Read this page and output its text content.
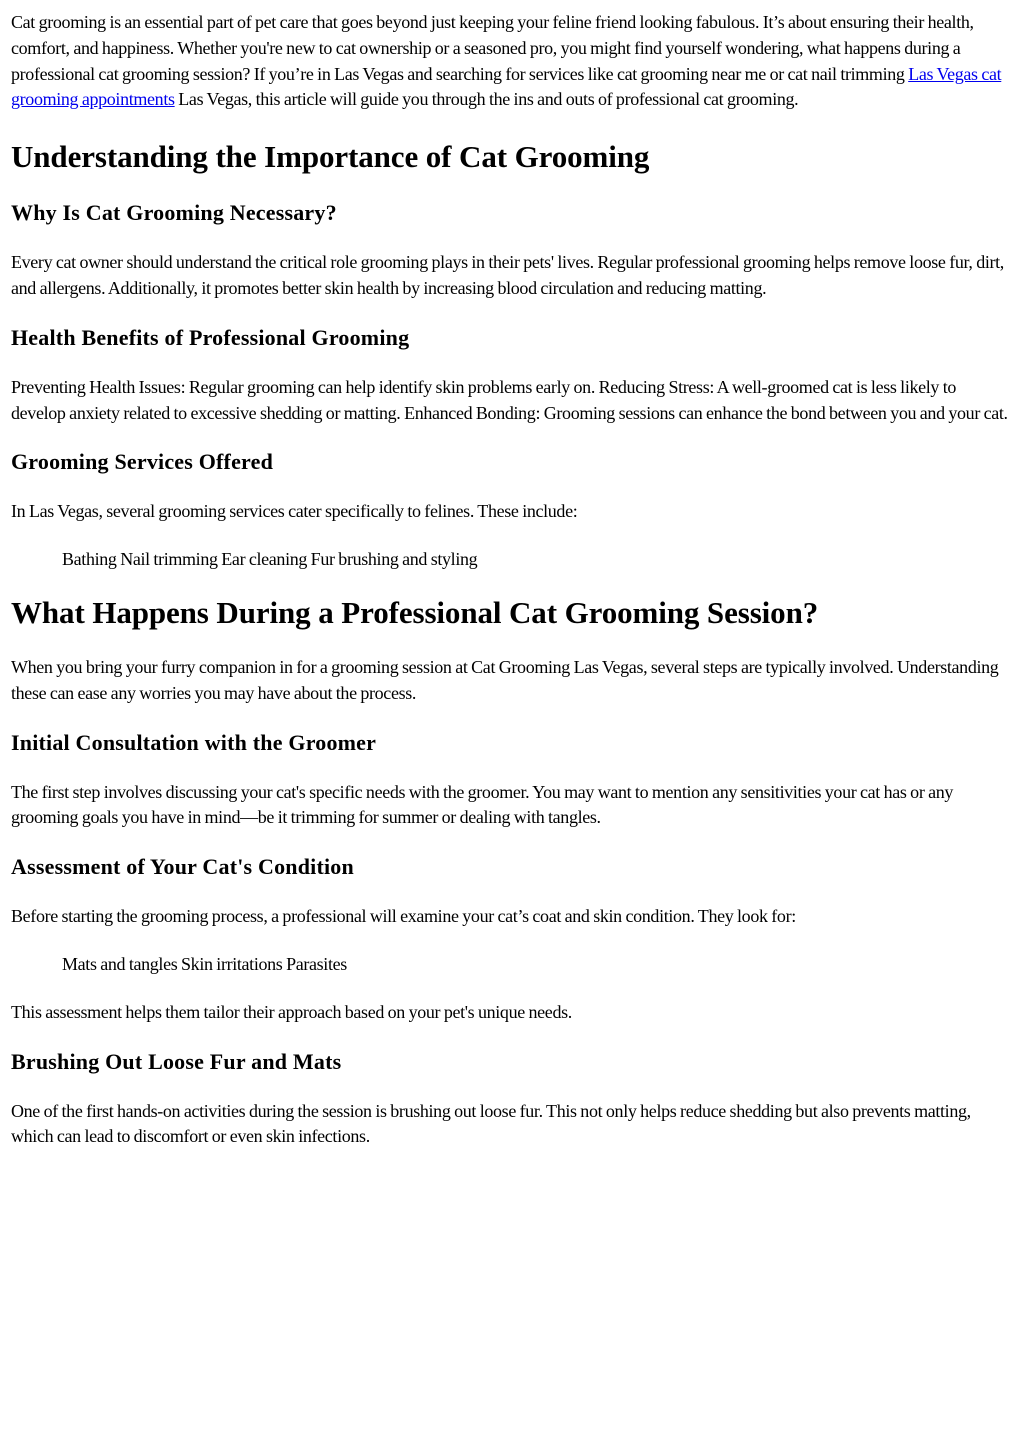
Cat grooming is an essential part of pet care that goes beyond just keeping your feline friend looking fabulous. It’s about ensuring their health, comfort, and happiness. Whether you're new to cat ownership or a seasoned pro, you might find yourself wondering, what happens during a professional cat grooming session? If you’re in Las Vegas and searching for services like cat grooming near me or cat nail trimming Las Vegas cat grooming appointments Las Vegas, this article will guide you through the ins and outs of professional cat grooming.

Understanding the Importance of Cat Grooming
Why Is Cat Grooming Necessary?

Every cat owner should understand the critical role grooming plays in their pets' lives. Regular professional grooming helps remove loose fur, dirt, and allergens. Additionally, it promotes better skin health by increasing blood circulation and reducing matting.

Health Benefits of Professional Grooming

Preventing Health Issues: Regular grooming can help identify skin problems early on. Reducing Stress: A well-groomed cat is less likely to develop anxiety related to excessive shedding or matting. Enhanced Bonding: Grooming sessions can enhance the bond between you and your cat.

Grooming Services Offered

In Las Vegas, several grooming services cater specifically to felines. These include:

Bathing Nail trimming Ear cleaning Fur brushing and styling

What Happens During a Professional Cat Grooming Session?

When you bring your furry companion in for a grooming session at Cat Grooming Las Vegas, several steps are typically involved. Understanding these can ease any worries you may have about the process.

Initial Consultation with the Groomer

The first step involves discussing your cat's specific needs with the groomer. You may want to mention any sensitivities your cat has or any grooming goals you have in mind—be it trimming for summer or dealing with tangles.

Assessment of Your Cat's Condition

Before starting the grooming process, a professional will examine your cat’s coat and skin condition. They look for:

Mats and tangles Skin irritations Parasites

This assessment helps them tailor their approach based on your pet's unique needs.

Brushing Out Loose Fur and Mats

One of the first hands-on activities during the session is brushing out loose fur. This not only helps reduce shedding but also prevents matting, which can lead to discomfort or even skin infections.
